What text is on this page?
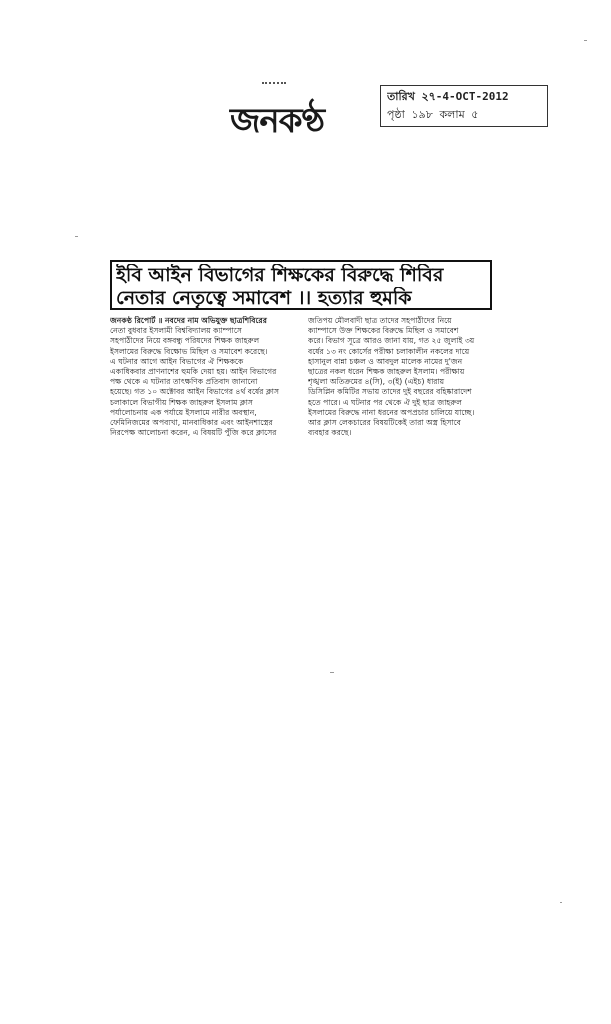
জনকণ্ঠ
তারিখ ২৭-4-OCT-2012
পৃষ্ঠা ১৯৮ কলাম ৫
ইবি আইন বিভাগের শিক্ষকের বিরুদ্ধে শিবির
নেতার নেতৃত্বে সমাবেশ ।। হত্যার হুমকি
জনকণ্ঠ রিপোর্ট ॥ নবদের নাম অভিযুক্ত ছাত্রশিবিরের
নেতা বুধবার ইসলামী বিশ্ববিদ্যালয় ক্যাম্পাসে
সহপাঠীদের নিয়ে বঙ্গবন্ধু পরিষদের শিক্ষক জাহরুল
ইসলামের বিরুদ্ধে বিক্ষোভ মিছিল ও সমাবেশ করেছে।
এ ঘটনার আগে আইন বিভাগের ঐ শিক্ষককে
একাধিকবার প্রাণনাশের হুমকি দেয়া হয়। আইন বিভাগের
পক্ষ থেকে এ ঘটনার তাৎক্ষণিক প্রতিবাদ জানানো
হয়েছে। গত ১০ অক্টোবর আইন বিভাগের ৪র্থ বর্ষের ক্লাস
চলাকালে বিভাগীয় শিক্ষক জাহরুল ইসলাম ক্লাস
পর্যালোচনায় এক পর্যায়ে ইসলামে নারীর অবস্থান,
ফেমিনিজমের অপব্যখা, মানবাধিকার এবং আইনশাস্ত্রের
নিরপেক্ষ আলোচনা করেন, এ বিষয়টি পুঁজি করে ক্লাসের
জতিপয় মৌলবাদী ছাত্র তাদের সহপাঠীদের নিয়ে
ক্যাম্পাসে উক্ত শিক্ষকের বিরুদ্ধে মিছিল ও সমাবেশ
করে। বিভাগ সূত্রে আরও জানা যায়, গত ২৫ জুলাই ৩য়
বর্ষের ১৩ নং কোর্সের পরীক্ষা চলাকালীন নকলের দায়ে
হাসানুল বান্না চঞ্চল ও আবদুল মালেক নামের দু'জন
ছাত্রের নকল ধরেন শিক্ষক জাহরুল ইসলাম। পরীক্ষায়
শৃঙ্খলা অতিক্রমের ৪(সি), ৩(ই) (এইচ) ধারায়
ডিসিপ্লিন কমিটির সভায় তাদের দুই বছরের বহিষ্কারাদেশ
হতে পারে। এ ঘটনার পর থেকে ঐ দুই ছাত্র জাহরুল
ইসলামের বিরুদ্ধে নানা ধরনের অপপ্রচার চালিয়ে যাচ্ছে।
আর ক্লাস লেকচারের বিষয়টিকেই তারা অস্ত্র হিসাবে
ব্যবহার করছে।
